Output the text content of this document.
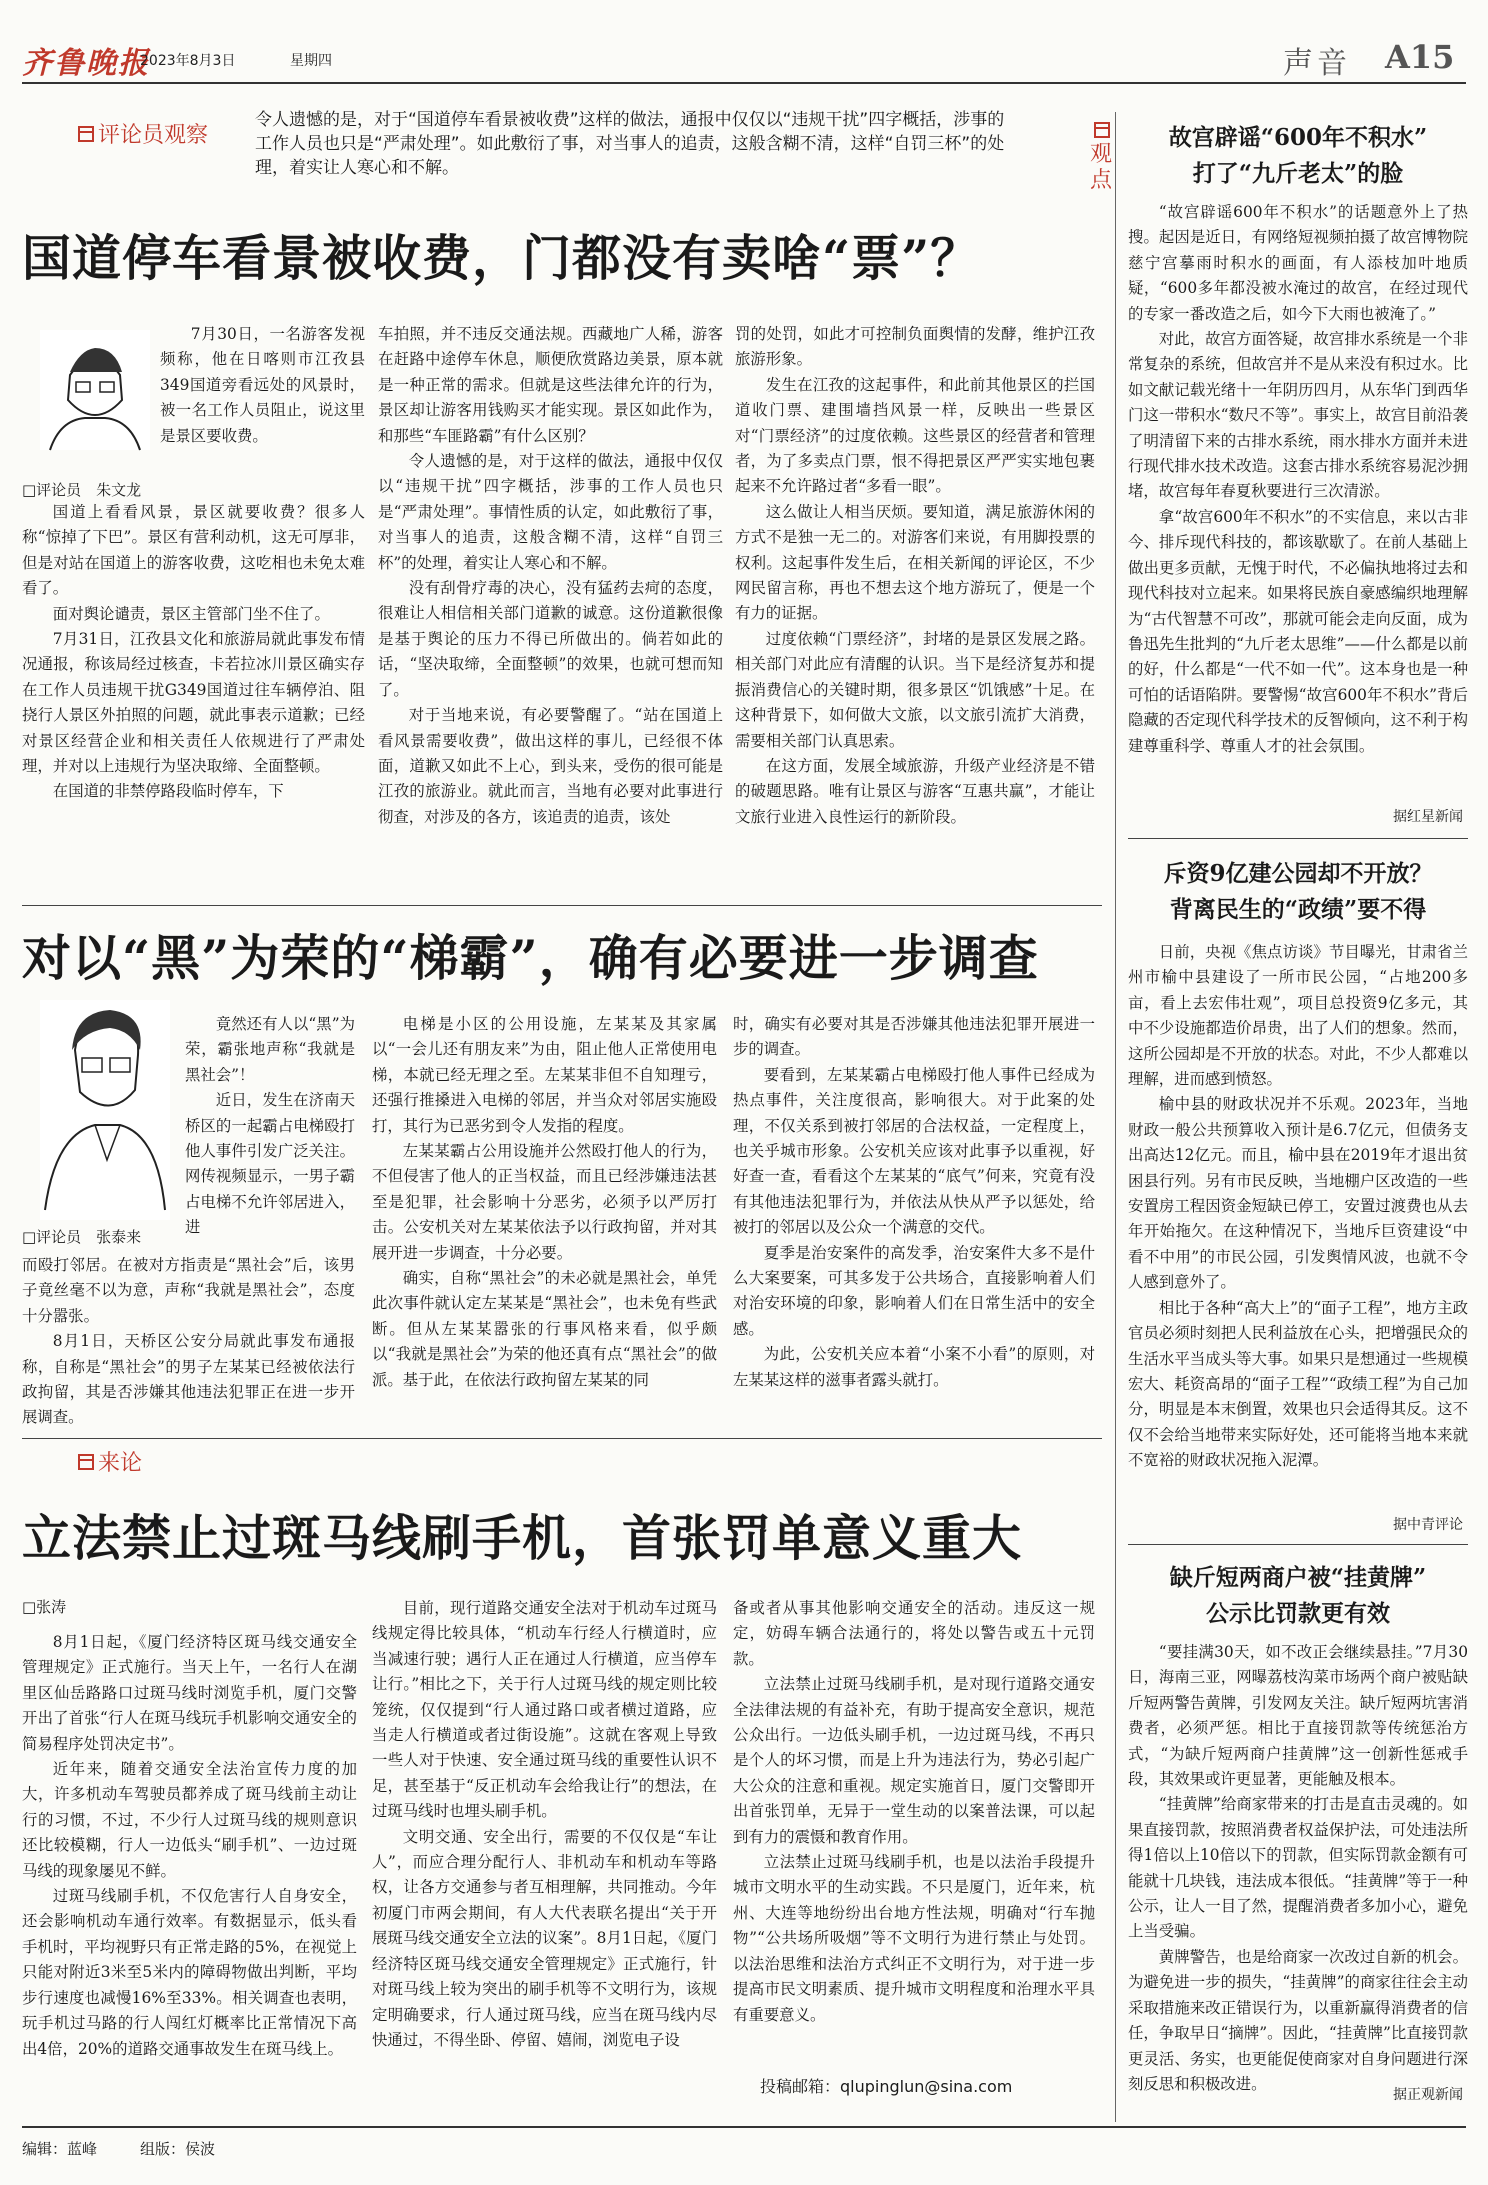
齐鲁晚报
2023年8月3日	星期四	声音 A15
评论员观察
令人遗憾的是，对于“国道停车看景被收费”这样的做法，通报中仅仅以“违规干扰”四字概括，涉事的工作人员也只是“严肃处理”。如此敷衍了事，对当事人的追责，这般含糊不清，这样“自罚三杯”的处理，着实让人寒心和不解。
国道停车看景被收费，门都没有卖啥“票”？
□评论员　朱文龙

7月30日，一名游客发视频称，他在日喀则市江孜县349国道旁看远处的风景时，被一名工作人员阻止，说这里是景区要收费。

国道上看看风景，景区就要收费？很多人称“惊掉了下巴”。景区有营利动机，这无可厚非，但是对站在国道上的游客收费，这吃相也未免太难看了。

面对舆论谴责，景区主管部门坐不住了。

7月31日，江孜县文化和旅游局就此事发布情况通报，称该局经过核查，卡若拉冰川景区确实存在工作人员违规干扰G349国道过往车辆停泊、阻挠行人景区外拍照的问题，就此事表示道歉；已经对景区经营企业和相关责任人依规进行了严肃处理，并对以上违规行为坚决取缔、全面整顿。

在国道的非禁停路段临时停车，下

车拍照，并不违反交通法规。西藏地广人稀，游客在赶路中途停车休息，顺便欣赏路边美景，原本就是一种正常的需求。但就是这些法律允许的行为，景区却让游客用钱购买才能实现。景区如此作为，和那些“车匪路霸”有什么区别？

令人遗憾的是，对于这样的做法，通报中仅仅以“违规干扰”四字概括，涉事的工作人员也只是“严肃处理”。事情性质的认定，如此敷衍了事，对当事人的追责，这般含糊不清，这样“自罚三杯”的处理，着实让人寒心和不解。

没有刮骨疗毒的决心，没有猛药去疴的态度，很难让人相信相关部门道歉的诚意。这份道歉很像是基于舆论的压力不得已所做出的。倘若如此的话，“坚决取缔，全面整顿”的效果，也就可想而知了。

对于当地来说，有必要警醒了。“站在国道上看风景需要收费”，做出这样的事儿，已经很不体面，道歉又如此不上心，到头来，受伤的很可能是江孜的旅游业。就此而言，当地有必要对此事进行彻查，对涉及的各方，该追责的追责，该处

罚的处罚，如此才可控制负面舆情的发酵，维护江孜旅游形象。

发生在江孜的这起事件，和此前其他景区的拦国道收门票、建围墙挡风景一样，反映出一些景区对“门票经济”的过度依赖。这些景区的经营者和管理者，为了多卖点门票，恨不得把景区严严实实地包裹起来不允许路过者“多看一眼”。

这么做让人相当厌烦。要知道，满足旅游休闲的方式不是独一无二的。对游客们来说，有用脚投票的权利。这起事件发生后，在相关新闻的评论区，不少网民留言称，再也不想去这个地方游玩了，便是一个有力的证据。

过度依赖“门票经济”，封堵的是景区发展之路。相关部门对此应有清醒的认识。当下是经济复苏和提振消费信心的关键时期，很多景区“饥饿感”十足。在这种背景下，如何做大文旅，以文旅引流扩大消费，需要相关部门认真思索。

在这方面，发展全域旅游，升级产业经济是不错的破题思路。唯有让景区与游客“互惠共赢”，才能让文旅行业进入良性运行的新阶段。

对以“黑”为荣的“梯霸”，确有必要进一步调查
□评论员　张泰来

竟然还有人以“黑”为荣，霸张地声称“我就是黑社会”！

近日，发生在济南天桥区的一起霸占电梯殴打他人事件引发广泛关注。网传视频显示，一男子霸占电梯不允许邻居进入，进

而殴打邻居。在被对方指责是“黑社会”后，该男子竟丝毫不以为意，声称“我就是黑社会”，态度十分嚣张。

8月1日，天桥区公安分局就此事发布通报称，自称是“黑社会”的男子左某某已经被依法行政拘留，其是否涉嫌其他违法犯罪正在进一步开展调查。

电梯是小区的公用设施，左某某及其家属以“一会儿还有朋友来”为由，阻止他人正常使用电梯，本就已经无理之至。左某某非但不自知理亏，还强行推搡进入电梯的邻居，并当众对邻居实施殴打，其行为已恶劣到令人发指的程度。

左某某霸占公用设施并公然殴打他人的行为，不但侵害了他人的正当权益，而且已经涉嫌违法甚至是犯罪，社会影响十分恶劣，必须予以严厉打击。公安机关对左某某依法予以行政拘留，并对其展开进一步调查，十分必要。

确实，自称“黑社会”的未必就是黑社会，单凭此次事件就认定左某某是“黑社会”，也未免有些武断。但从左某某嚣张的行事风格来看，似乎颇以“我就是黑社会”为荣的他还真有点“黑社会”的做派。基于此，在依法行政拘留左某某的同

时，确实有必要对其是否涉嫌其他违法犯罪开展进一步的调查。

要看到，左某某霸占电梯殴打他人事件已经成为热点事件，关注度很高，影响很大。对于此案的处理，不仅关系到被打邻居的合法权益，一定程度上，也关乎城市形象。公安机关应该对此事予以重视，好好查一查，看看这个左某某的“底气”何来，究竟有没有其他违法犯罪行为，并依法从快从严予以惩处，给被打的邻居以及公众一个满意的交代。

夏季是治安案件的高发季，治安案件大多不是什么大案要案，可其多发于公共场合，直接影响着人们对治安环境的印象，影响着人们在日常生活中的安全感。

为此，公安机关应本着“小案不小看”的原则，对左某某这样的滋事者露头就打。

来论
立法禁止过斑马线刷手机，首张罚单意义重大
□张涛

8月1日起，《厦门经济特区斑马线交通安全管理规定》正式施行。当天上午，一名行人在湖里区仙岳路路口过斑马线时浏览手机，厦门交警开出了首张“行人在斑马线玩手机影响交通安全的简易程序处罚决定书”。

近年来，随着交通安全法治宣传力度的加大，许多机动车驾驶员都养成了斑马线前主动让行的习惯，不过，不少行人过斑马线的规则意识还比较模糊，行人一边低头“刷手机”、一边过斑马线的现象屡见不鲜。

过斑马线刷手机，不仅危害行人自身安全，还会影响机动车通行效率。有数据显示，低头看手机时，平均视野只有正常走路的5%，在视觉上只能对附近3米至5米内的障碍物做出判断，平均步行速度也减慢16%至33%。相关调查也表明，玩手机过马路的行人闯红灯概率比正常情况下高出4倍，20%的道路交通事故发生在斑马线上。

目前，现行道路交通安全法对于机动车过斑马线规定得比较具体，“机动车行经人行横道时，应当减速行驶；遇行人正在通过人行横道，应当停车让行。”相比之下，关于行人过斑马线的规定则比较笼统，仅仅提到“行人通过路口或者横过道路，应当走人行横道或者过街设施”。这就在客观上导致一些人对于快速、安全通过斑马线的重要性认识不足，甚至基于“反正机动车会给我让行”的想法，在过斑马线时也埋头刷手机。

文明交通、安全出行，需要的不仅仅是“车让人”，而应合理分配行人、非机动车和机动车等路权，让各方交通参与者互相理解，共同推动。今年初厦门市两会期间，有人大代表联名提出“关于开展斑马线交通安全立法的议案”。8月1日起，《厦门经济特区斑马线交通安全管理规定》正式施行，针对斑马线上较为突出的刷手机等不文明行为，该规定明确要求，行人通过斑马线，应当在斑马线内尽快通过，不得坐卧、停留、嬉闹，浏览电子设

备或者从事其他影响交通安全的活动。违反这一规定，妨碍车辆合法通行的，将处以警告或五十元罚款。

立法禁止过斑马线刷手机，是对现行道路交通安全法律法规的有益补充，有助于提高安全意识，规范公众出行。一边低头刷手机，一边过斑马线，不再只是个人的坏习惯，而是上升为违法行为，势必引起广大公众的注意和重视。规定实施首日，厦门交警即开出首张罚单，无异于一堂生动的以案普法课，可以起到有力的震慑和教育作用。

立法禁止过斑马线刷手机，也是以法治手段提升城市文明水平的生动实践。不只是厦门，近年来，杭州、大连等地纷纷出台地方性法规，明确对“行车抛物”“公共场所吸烟”等不文明行为进行禁止与处罚。以法治思维和法治方式纠正不文明行为，对于进一步提高市民文明素质、提升城市文明程度和治理水平具有重要意义。

投稿邮箱：qlupinglun@sina.com
观点
故宫辟谣“600年不积水”
打了“九斤老太”的脸

“故宫辟谣600年不积水”的话题意外上了热搜。起因是近日，有网络短视频拍摄了故宫博物院慈宁宫摹雨时积水的画面，有人添枝加叶地质疑，“600多年都没被水淹过的故宫，在经过现代的专家一番改造之后，如今下大雨也被淹了。”

对此，故宫方面答疑，故宫排水系统是一个非常复杂的系统，但故宫并不是从来没有积过水。比如文献记载光绪十一年阴历四月，从东华门到西华门这一带积水“数尺不等”。事实上，故宫目前沿袭了明清留下来的古排水系统，雨水排水方面并未进行现代排水技术改造。这套古排水系统容易泥沙拥堵，故宫每年春夏秋要进行三次清淤。

拿“故宫600年不积水”的不实信息，来以古非今、排斥现代科技的，都该歇歇了。在前人基础上做出更多贡献，无愧于时代，不必偏执地将过去和现代科技对立起来。如果将民族自豪感编织地理解为“古代智慧不可改”，那就可能会走向反面，成为鲁迅先生批判的“九斤老太思维”——什么都是以前的好，什么都是“一代不如一代”。这本身也是一种可怕的话语陷阱。要警惕“故宫600年不积水”背后隐藏的否定现代科学技术的反智倾向，这不利于构建尊重科学、尊重人才的社会氛围。

据红星新闻
斥资9亿建公园却不开放？
背离民生的“政绩”要不得

日前，央视《焦点访谈》节目曝光，甘肃省兰州市榆中县建设了一所市民公园，“占地200多亩，看上去宏伟壮观”，项目总投资9亿多元，其中不少设施都造价昂贵，出了人们的想象。然而，这所公园却是不开放的状态。对此，不少人都难以理解，进而感到愤怒。

榆中县的财政状况并不乐观。2023年，当地财政一般公共预算收入预计是6.7亿元，但债务支出高达12亿元。而且，榆中县在2019年才退出贫困县行列。另有市民反映，当地棚户区改造的一些安置房工程因资金短缺已停工，安置过渡费也从去年开始拖欠。在这种情况下，当地斥巨资建设“中看不中用”的市民公园，引发舆情风波，也就不令人感到意外了。

相比于各种“高大上”的“面子工程”，地方主政官员必须时刻把人民利益放在心头，把增强民众的生活水平当成头等大事。如果只是想通过一些规模宏大、耗资高昂的“面子工程”“政绩工程”为自己加分，明显是本末倒置，效果也只会适得其反。这不仅不会给当地带来实际好处，还可能将当地本来就不宽裕的财政状况拖入泥潭。

据中青评论
缺斤短两商户被“挂黄牌”
公示比罚款更有效

“要挂满30天，如不改正会继续悬挂。”7月30日，海南三亚，网曝荔枝沟菜市场两个商户被贴缺斤短两警告黄牌，引发网友关注。缺斤短两坑害消费者，必须严惩。相比于直接罚款等传统惩治方式，“为缺斤短两商户挂黄牌”这一创新性惩戒手段，其效果或许更显著，更能触及根本。

“挂黄牌”给商家带来的打击是直击灵魂的。如果直接罚款，按照消费者权益保护法，可处违法所得1倍以上10倍以下的罚款，但实际罚款金额有可能就十几块钱，违法成本很低。“挂黄牌”等于一种公示，让人一目了然，提醒消费者多加小心，避免上当受骗。

黄牌警告，也是给商家一次改过自新的机会。为避免进一步的损失，“挂黄牌”的商家往往会主动采取措施来改正错误行为，以重新赢得消费者的信任，争取早日“摘牌”。因此，“挂黄牌”比直接罚款更灵活、务实，也更能促使商家对自身问题进行深刻反思和积极改进。

据正观新闻
编辑：蓝峰	组版：侯波
